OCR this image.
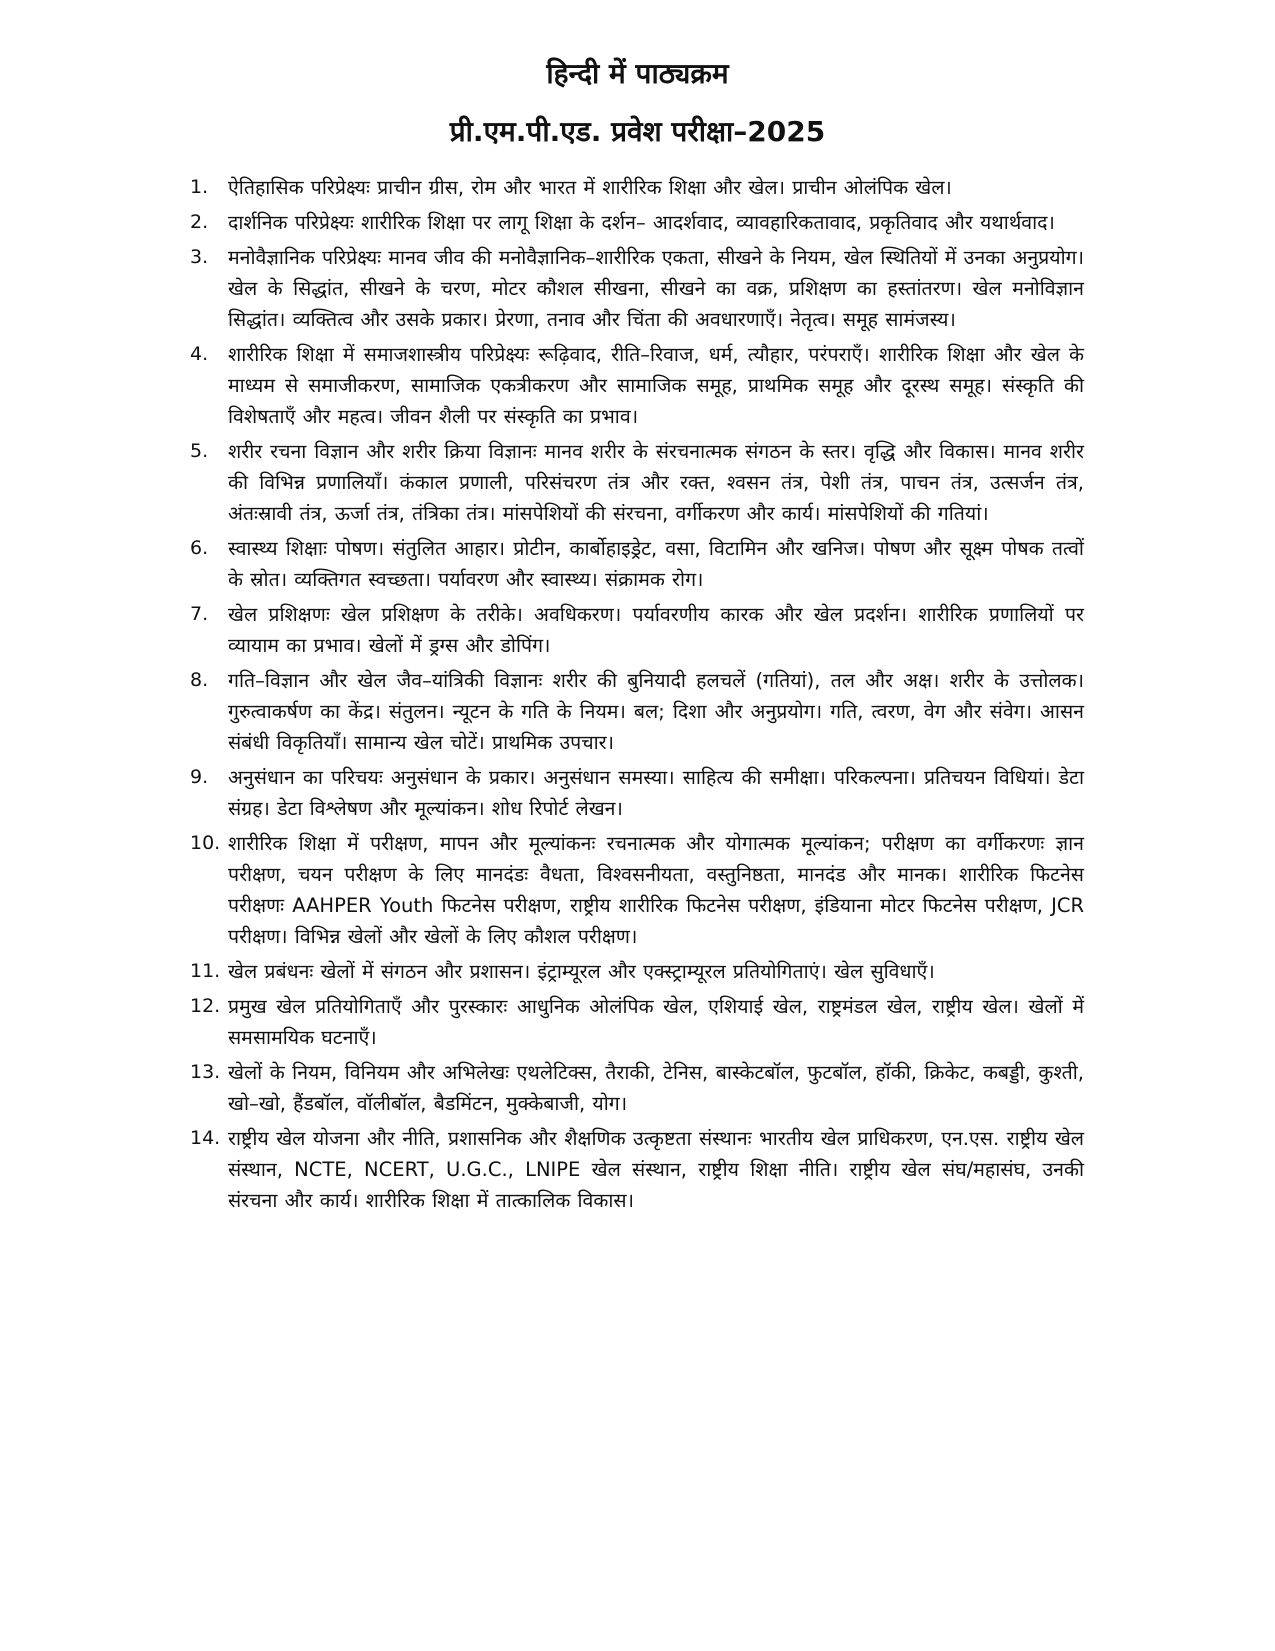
हिन्दी में पाठ्यक्रम
प्री.एम.पी.एड. प्रवेश परीक्षा–2025
1.	ऐतिहासिक परिप्रेक्ष्यः प्राचीन ग्रीस, रोम और भारत में शारीरिक शिक्षा और खेल। प्राचीन ओलंपिक खेल।
2.	दार्शनिक परिप्रेक्ष्यः शारीरिक शिक्षा पर लागू शिक्षा के दर्शन– आदर्शवाद, व्यावहारिकतावाद, प्रकृतिवाद और यथार्थवाद।
3.	मनोवैज्ञानिक परिप्रेक्ष्यः मानव जीव की मनोवैज्ञानिक–शारीरिक एकता, सीखने के नियम, खेल स्थितियों में उनका अनुप्रयोग। खेल के सिद्धांत, सीखने के चरण, मोटर कौशल सीखना, सीखने का वक्र, प्रशिक्षण का हस्तांतरण। खेल मनोविज्ञान सिद्धांत। व्यक्तित्व और उसके प्रकार। प्रेरणा, तनाव और चिंता की अवधारणाएँ। नेतृत्व। समूह सामंजस्य।
4.	शारीरिक शिक्षा में समाजशास्त्रीय परिप्रेक्ष्यः रूढ़िवाद, रीति–रिवाज, धर्म, त्यौहार, परंपराएँ। शारीरिक शिक्षा और खेल के माध्यम से समाजीकरण, सामाजिक एकत्रीकरण और सामाजिक समूह, प्राथमिक समूह और दूरस्थ समूह। संस्कृति की विशेषताएँ और महत्व। जीवन शैली पर संस्कृति का प्रभाव।
5.	शरीर रचना विज्ञान और शरीर क्रिया विज्ञानः मानव शरीर के संरचनात्मक संगठन के स्तर। वृद्धि और विकास। मानव शरीर की विभिन्न प्रणालियाँ। कंकाल प्रणाली, परिसंचरण तंत्र और रक्त, श्वसन तंत्र, पेशी तंत्र, पाचन तंत्र, उत्सर्जन तंत्र, अंतःस्रावी तंत्र, ऊर्जा तंत्र, तंत्रिका तंत्र। मांसपेशियों की संरचना, वर्गीकरण और कार्य। मांसपेशियों की गतियां।
6.	स्वास्थ्य शिक्षाः पोषण। संतुलित आहार। प्रोटीन, कार्बोहाइड्रेट, वसा, विटामिन और खनिज। पोषण और सूक्ष्म पोषक तत्वों के स्रोत। व्यक्तिगत स्वच्छता। पर्यावरण और स्वास्थ्य। संक्रामक रोग।
7.	खेल प्रशिक्षणः खेल प्रशिक्षण के तरीके। अवधिकरण। पर्यावरणीय कारक और खेल प्रदर्शन। शारीरिक प्रणालियों पर व्यायाम का प्रभाव। खेलों में ड्रग्स और डोपिंग।
8.	गति–विज्ञान और खेल जैव–यांत्रिकी विज्ञानः शरीर की बुनियादी हलचलें (गतियां), तल और अक्ष। शरीर के उत्तोलक। गुरुत्वाकर्षण का केंद्र। संतुलन। न्यूटन के गति के नियम। बल; दिशा और अनुप्रयोग। गति, त्वरण, वेग और संवेग। आसन संबंधी विकृतियाँ। सामान्य खेल चोटें। प्राथमिक उपचार।
9.	अनुसंधान का परिचयः अनुसंधान के प्रकार। अनुसंधान समस्या। साहित्य की समीक्षा। परिकल्पना। प्रतिचयन विधियां। डेटा संग्रह। डेटा विश्लेषण और मूल्यांकन। शोध रिपोर्ट लेखन।
10. शारीरिक शिक्षा में परीक्षण, मापन और मूल्यांकनः रचनात्मक और योगात्मक मूल्यांकन; परीक्षण का वर्गीकरणः ज्ञान परीक्षण, चयन परीक्षण के लिए मानदंडः वैधता, विश्वसनीयता, वस्तुनिष्ठता, मानदंड और मानक। शारीरिक फिटनेस परीक्षणः AAHPER Youth फिटनेस परीक्षण, राष्ट्रीय शारीरिक फिटनेस परीक्षण, इंडियाना मोटर फिटनेस परीक्षण, JCR परीक्षण। विभिन्न खेलों और खेलों के लिए कौशल परीक्षण।
11. खेल प्रबंधनः खेलों में संगठन और प्रशासन। इंट्राम्यूरल और एक्स्ट्राम्यूरल प्रतियोगिताएं। खेल सुविधाएँ।
12. प्रमुख खेल प्रतियोगिताएँ और पुरस्कारः आधुनिक ओलंपिक खेल, एशियाई खेल, राष्ट्रमंडल खेल, राष्ट्रीय खेल। खेलों में समसामयिक घटनाएँ।
13. खेलों के नियम, विनियम और अभिलेखः एथलेटिक्स, तैराकी, टेनिस, बास्केटबॉल, फुटबॉल, हॉकी, क्रिकेट, कबड्डी, कुश्ती, खो–खो, हैंडबॉल, वॉलीबॉल, बैडमिंटन, मुक्केबाजी, योग।
14. राष्ट्रीय खेल योजना और नीति, प्रशासनिक और शैक्षणिक उत्कृष्टता संस्थानः भारतीय खेल प्राधिकरण, एन.एस. राष्ट्रीय खेल संस्थान, NCTE, NCERT, U.G.C., LNIPE खेल संस्थान, राष्ट्रीय शिक्षा नीति। राष्ट्रीय खेल संघ/महासंघ, उनकी संरचना और कार्य। शारीरिक शिक्षा में तात्कालिक विकास।
